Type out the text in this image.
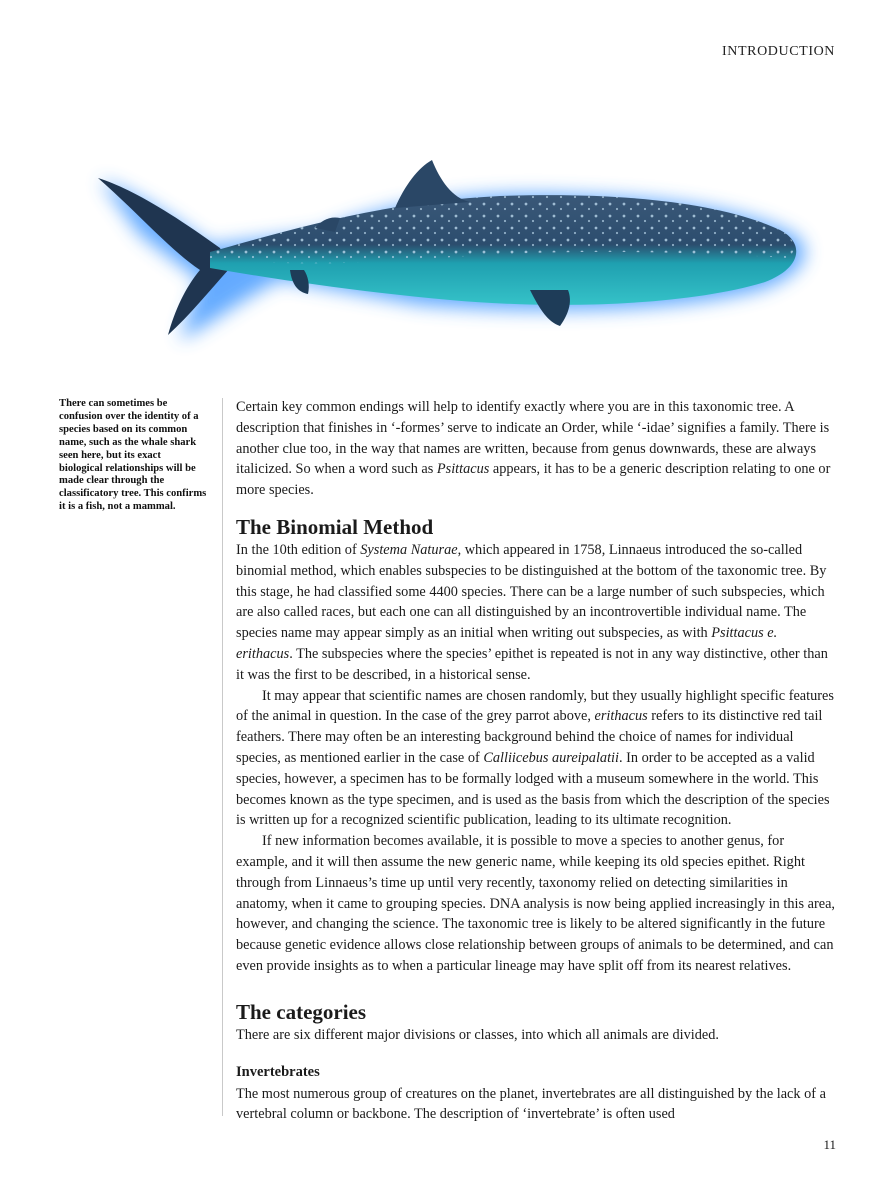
INTRODUCTION
There can sometimes be confusion over the identity of a species based on its common name, such as the whale shark seen here, but its exact biological relationships will be made clear through the classificatory tree. This confirms it is a fish, not a mammal.

Certain key common endings will help to identify exactly where you are in this taxonomic tree. A description that finishes in ‘-formes’ serve to indicate an Order, while ‘-idae’ signifies a family. There is another clue too, in the way that names are written, because from genus downwards, these are always italicized. So when a word such as Psittacus appears, it has to be a generic description relating to one or more species.

The Binomial Method

In the 10th edition of Systema Naturae, which appeared in 1758, Linnaeus introduced the so-called binomial method, which enables subspecies to be distinguished at the bottom of the taxonomic tree. By this stage, he had classified some 4400 species. There can be a large number of such subspecies, which are also called races, but each one can all distinguished by an incontrovertible individual name. The species name may appear simply as an initial when writing out subspecies, as with Psittacus e. erithacus. The subspecies where the species’ epithet is repeated is not in any way distinctive, other than it was the first to be described, in a historical sense.

It may appear that scientific names are chosen randomly, but they usually highlight specific features of the animal in question. In the case of the grey parrot above, erithacus refers to its distinctive red tail feathers. There may often be an interesting background behind the choice of names for individual species, as mentioned earlier in the case of Calliicebus aureipalatii. In order to be accepted as a valid species, however, a specimen has to be formally lodged with a museum somewhere in the world. This becomes known as the type specimen, and is used as the basis from which the description of the species is written up for a recognized scientific publication, leading to its ultimate recognition.

If new information becomes available, it is possible to move a species to another genus, for example, and it will then assume the new generic name, while keeping its old species epithet. Right through from Linnaeus’s time up until very recently, taxonomy relied on detecting similarities in anatomy, when it came to grouping species. DNA analysis is now being applied increasingly in this area, however, and changing the science. The taxonomic tree is likely to be altered significantly in the future because genetic evidence allows close relationship between groups of animals to be determined, and can even provide insights as to when a particular lineage may have split off from its nearest relatives.

The categories

There are six different major divisions or classes, into which all animals are divided.

Invertebrates

The most numerous group of creatures on the planet, invertebrates are all distinguished by the lack of a vertebral column or backbone. The description of ‘invertebrate’ is often used

11
